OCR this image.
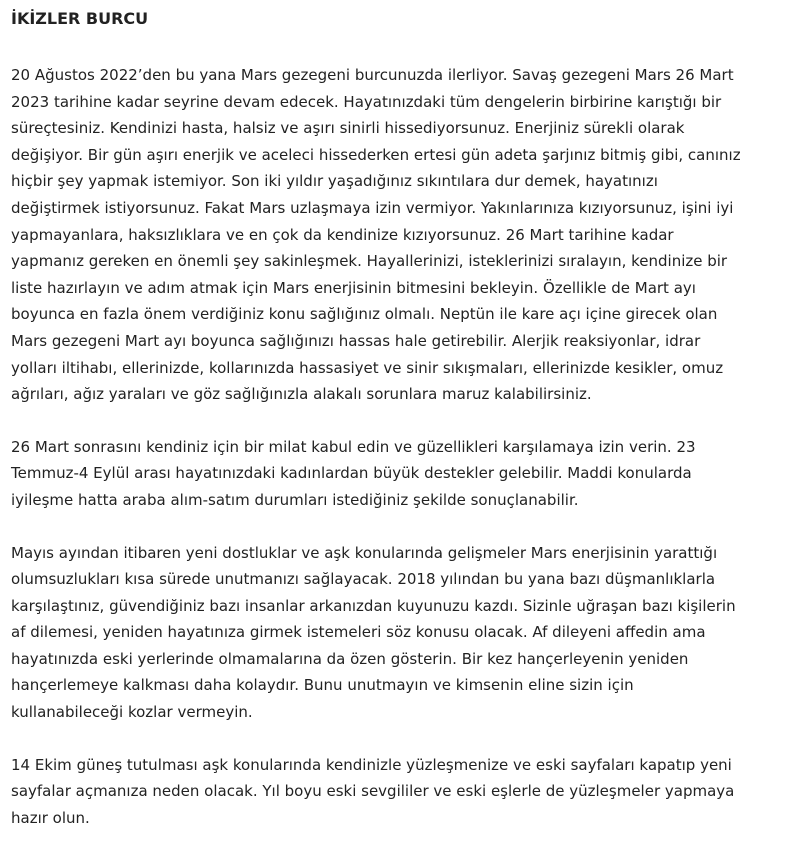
İKİZLER BURCU
20 Ağustos 2022’den bu yana Mars gezegeni burcunuzda ilerliyor. Savaş gezegeni Mars 26 Mart
2023 tarihine kadar seyrine devam edecek. Hayatınızdaki tüm dengelerin birbirine karıştığı bir
süreçtesiniz. Kendinizi hasta, halsiz ve aşırı sinirli hissediyorsunuz. Enerjiniz sürekli olarak
değişiyor. Bir gün aşırı enerjik ve aceleci hissederken ertesi gün adeta şarjınız bitmiş gibi, canınız
hiçbir şey yapmak istemiyor. Son iki yıldır yaşadığınız sıkıntılara dur demek, hayatınızı
değiştirmek istiyorsunuz. Fakat Mars uzlaşmaya izin vermiyor. Yakınlarınıza kızıyorsunuz, işini iyi
yapmayanlara, haksızlıklara ve en çok da kendinize kızıyorsunuz. 26 Mart tarihine kadar
yapmanız gereken en önemli şey sakinleşmek. Hayallerinizi, isteklerinizi sıralayın, kendinize bir
liste hazırlayın ve adım atmak için Mars enerjisinin bitmesini bekleyin. Özellikle de Mart ayı
boyunca en fazla önem verdiğiniz konu sağlığınız olmalı. Neptün ile kare açı içine girecek olan
Mars gezegeni Mart ayı boyunca sağlığınızı hassas hale getirebilir. Alerjik reaksiyonlar, idrar
yolları iltihabı, ellerinizde, kollarınızda hassasiyet ve sinir sıkışmaları, ellerinizde kesikler, omuz
ağrıları, ağız yaraları ve göz sağlığınızla alakalı sorunlara maruz kalabilirsiniz.
26 Mart sonrasını kendiniz için bir milat kabul edin ve güzellikleri karşılamaya izin verin. 23
Temmuz-4 Eylül arası hayatınızdaki kadınlardan büyük destekler gelebilir. Maddi konularda
iyileşme hatta araba alım-satım durumları istediğiniz şekilde sonuçlanabilir.
Mayıs ayından itibaren yeni dostluklar ve aşk konularında gelişmeler Mars enerjisinin yarattığı
olumsuzlukları kısa sürede unutmanızı sağlayacak. 2018 yılından bu yana bazı düşmanlıklarla
karşılaştınız, güvendiğiniz bazı insanlar arkanızdan kuyunuzu kazdı. Sizinle uğraşan bazı kişilerin
af dilemesi, yeniden hayatınıza girmek istemeleri söz konusu olacak. Af dileyeni affedin ama
hayatınızda eski yerlerinde olmamalarına da özen gösterin. Bir kez hançerleyenin yeniden
hançerlemeye kalkması daha kolaydır. Bunu unutmayın ve kimsenin eline sizin için
kullanabileceği kozlar vermeyin.
14 Ekim güneş tutulması aşk konularında kendinizle yüzleşmenize ve eski sayfaları kapatıp yeni
sayfalar açmanıza neden olacak. Yıl boyu eski sevgililer ve eski eşlerle de yüzleşmeler yapmaya
hazır olun.
